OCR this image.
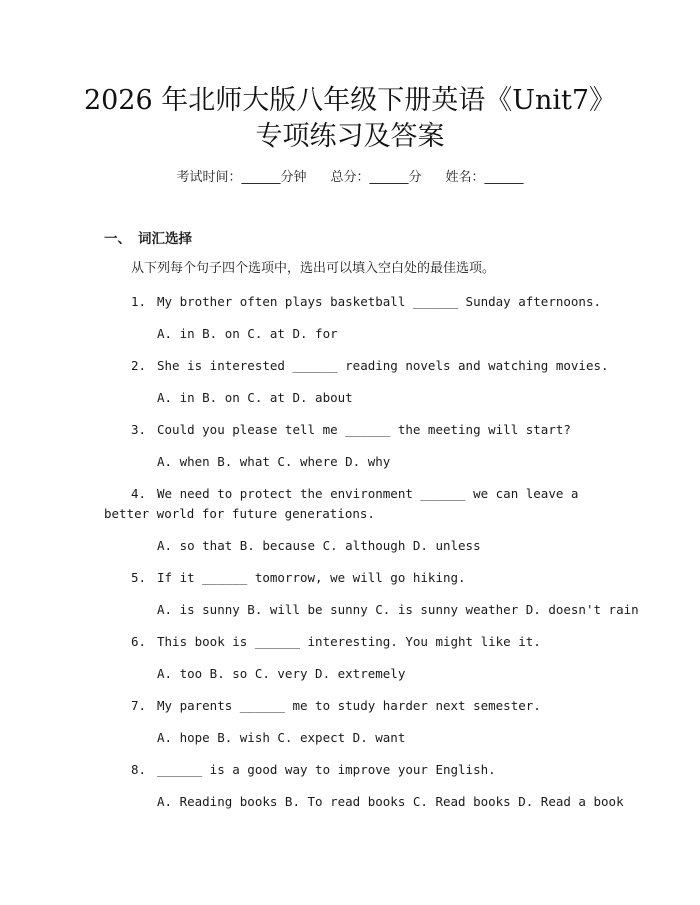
2026 年北师大版八年级下册英语《Unit7》
专项练习及答案
考试时间：______分钟 总分：______分 姓名：______
一、 词汇选择
从下列每个句子四个选项中，选出可以填入空白处的最佳选项。
1. My brother often plays basketball ______ Sunday afternoons.
A. in B. on C. at D. for
2. She is interested ______ reading novels and watching movies.
A. in B. on C. at D. about
3. Could you please tell me ______ the meeting will start?
A. when B. what C. where D. why
4. We need to protect the environment ______ we can leave a better world for future generations.
A. so that B. because C. although D. unless
5. If it ______ tomorrow, we will go hiking.
A. is sunny B. will be sunny C. is sunny weather D. doesn't rain
6. This book is ______ interesting. You might like it.
A. too B. so C. very D. extremely
7. My parents ______ me to study harder next semester.
A. hope B. wish C. expect D. want
8. ______ is a good way to improve your English.
A. Reading books B. To read books C. Read books D. Read a book
